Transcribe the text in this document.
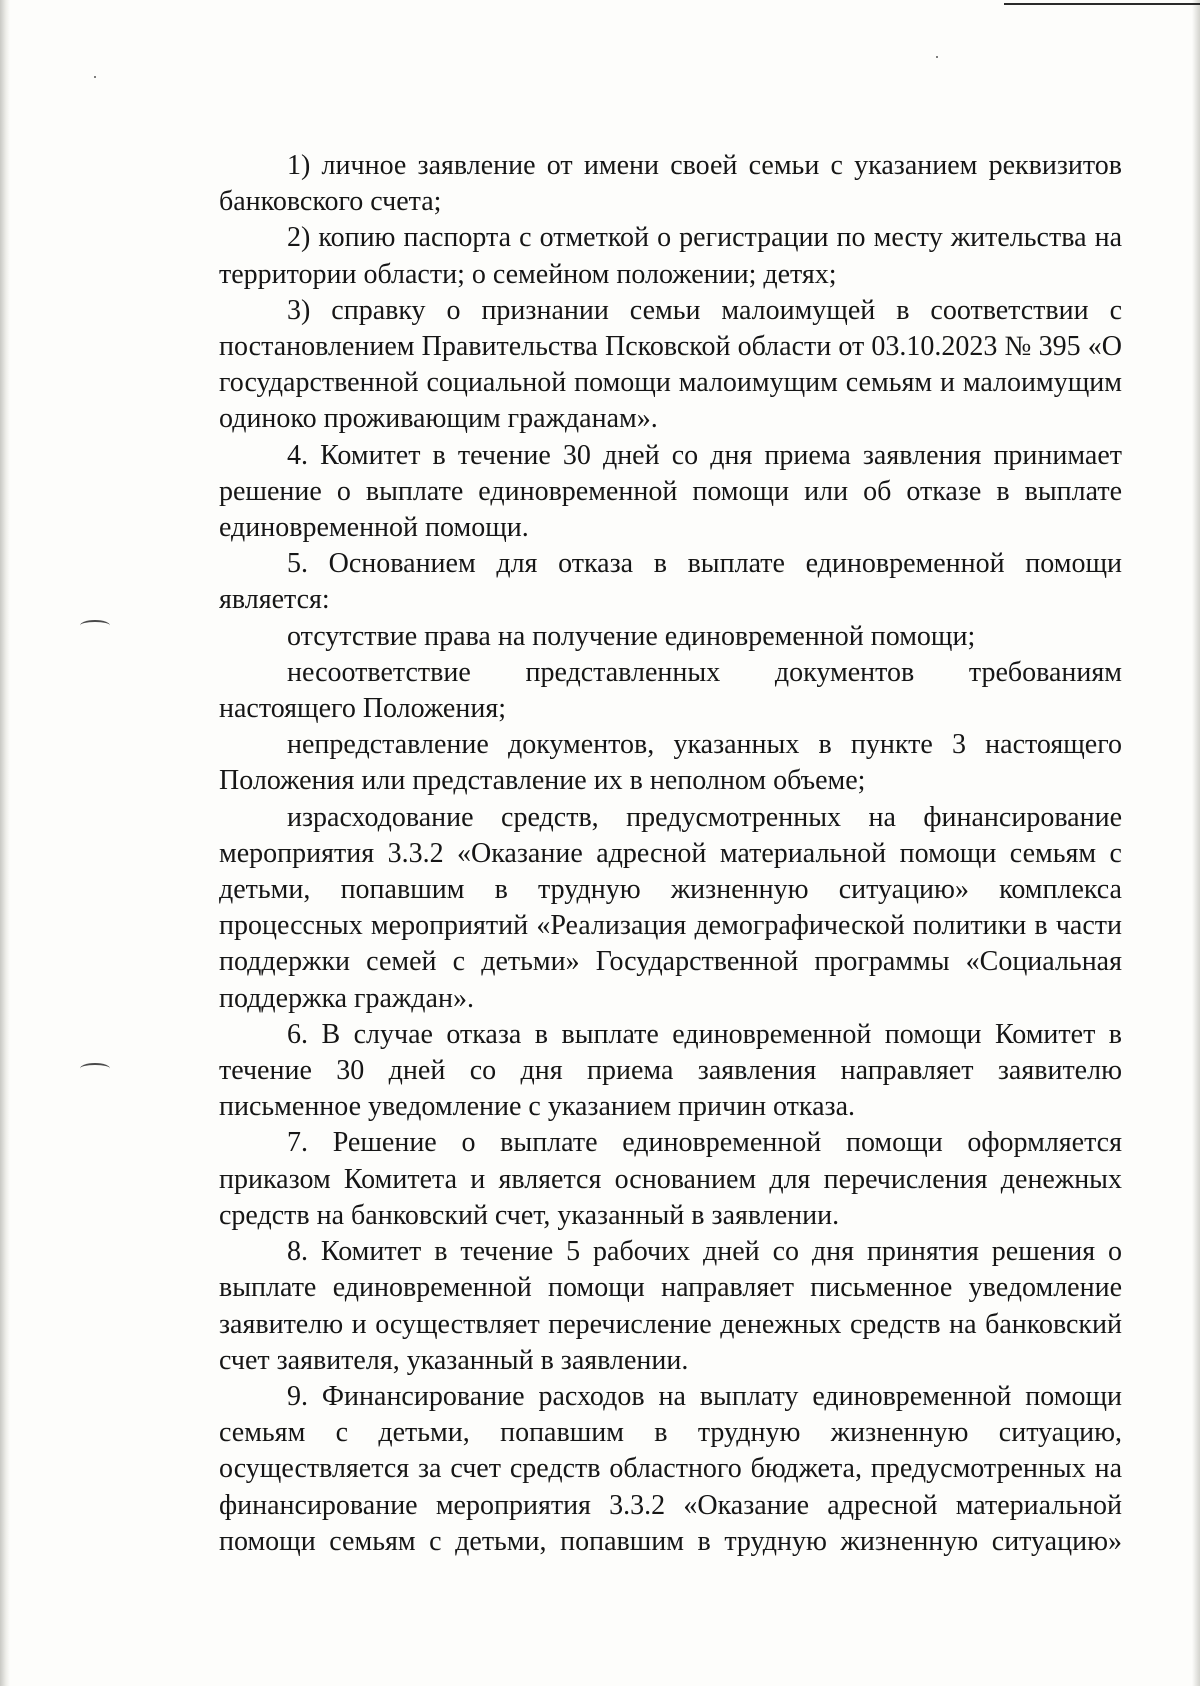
1) личное заявление от имени своей семьи с указанием реквизитов банковского счета;

2) копию паспорта с отметкой о регистрации по месту жительства на территории области; о семейном положении; детях;

3) справку о признании семьи малоимущей в соответствии с постановлением Правительства Псковской области от 03.10.2023 № 395 «О государственной социальной помощи малоимущим семьям и малоимущим одиноко проживающим гражданам».

4. Комитет в течение 30 дней со дня приема заявления принимает решение о выплате единовременной помощи или об отказе в выплате единовременной помощи.

5. Основанием для отказа в выплате единовременной помощи является:

отсутствие права на получение единовременной помощи;

несоответствие представленных документов требованиям настоящего Положения;

непредставление документов, указанных в пункте 3 настоящего Положения или представление их в неполном объеме;

израсходование средств, предусмотренных на финансирование мероприятия 3.3.2 «Оказание адресной материальной помощи семьям с детьми, попавшим в трудную жизненную ситуацию» комплекса процессных мероприятий «Реализация демографической политики в части поддержки семей с детьми» Государственной программы «Социальная поддержка граждан».

6. В случае отказа в выплате единовременной помощи Комитет в течение 30 дней со дня приема заявления направляет заявителю письменное уведомление с указанием причин отказа.

7. Решение о выплате единовременной помощи оформляется приказом Комитета и является основанием для перечисления денежных средств на банковский счет, указанный в заявлении.

8. Комитет в течение 5 рабочих дней со дня принятия решения о выплате единовременной помощи направляет письменное уведомление заявителю и осуществляет перечисление денежных средств на банковский счет заявителя, указанный в заявлении.

9. Финансирование расходов на выплату единовременной помощи семьям с детьми, попавшим в трудную жизненную ситуацию, осуществляется за счет средств областного бюджета, предусмотренных на финансирование мероприятия 3.3.2 «Оказание адресной материальной помощи семьям с детьми, попавшим в трудную жизненную ситуацию»
